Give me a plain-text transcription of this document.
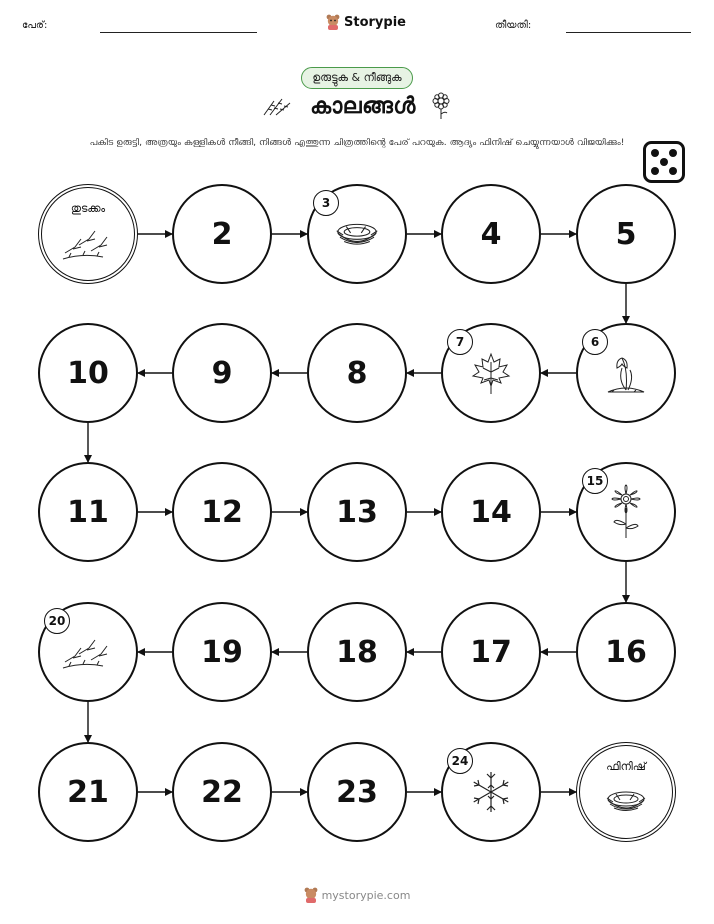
പേര്:	Storypie	തീയതി:
ഉരുട്ടുക & നീങ്ങുക
കാലങ്ങൾ
പകിട ഉരുട്ടി, അത്രയും കള്ളികൾ നീങ്ങി, നിങ്ങൾ എത്തുന്ന ചിത്രത്തിന്റെ പേര് പറയുക. ആദ്യം ഫിനിഷ് ചെയ്യുന്നയാൾ വിജയിക്കും!
തുടക്കം
ഫിനിഷ്
2
3
4	5
6
7
8
9
10
11	12	13	14
15
16
17
18
19
20
21	22	23
24
mystorypie.com
